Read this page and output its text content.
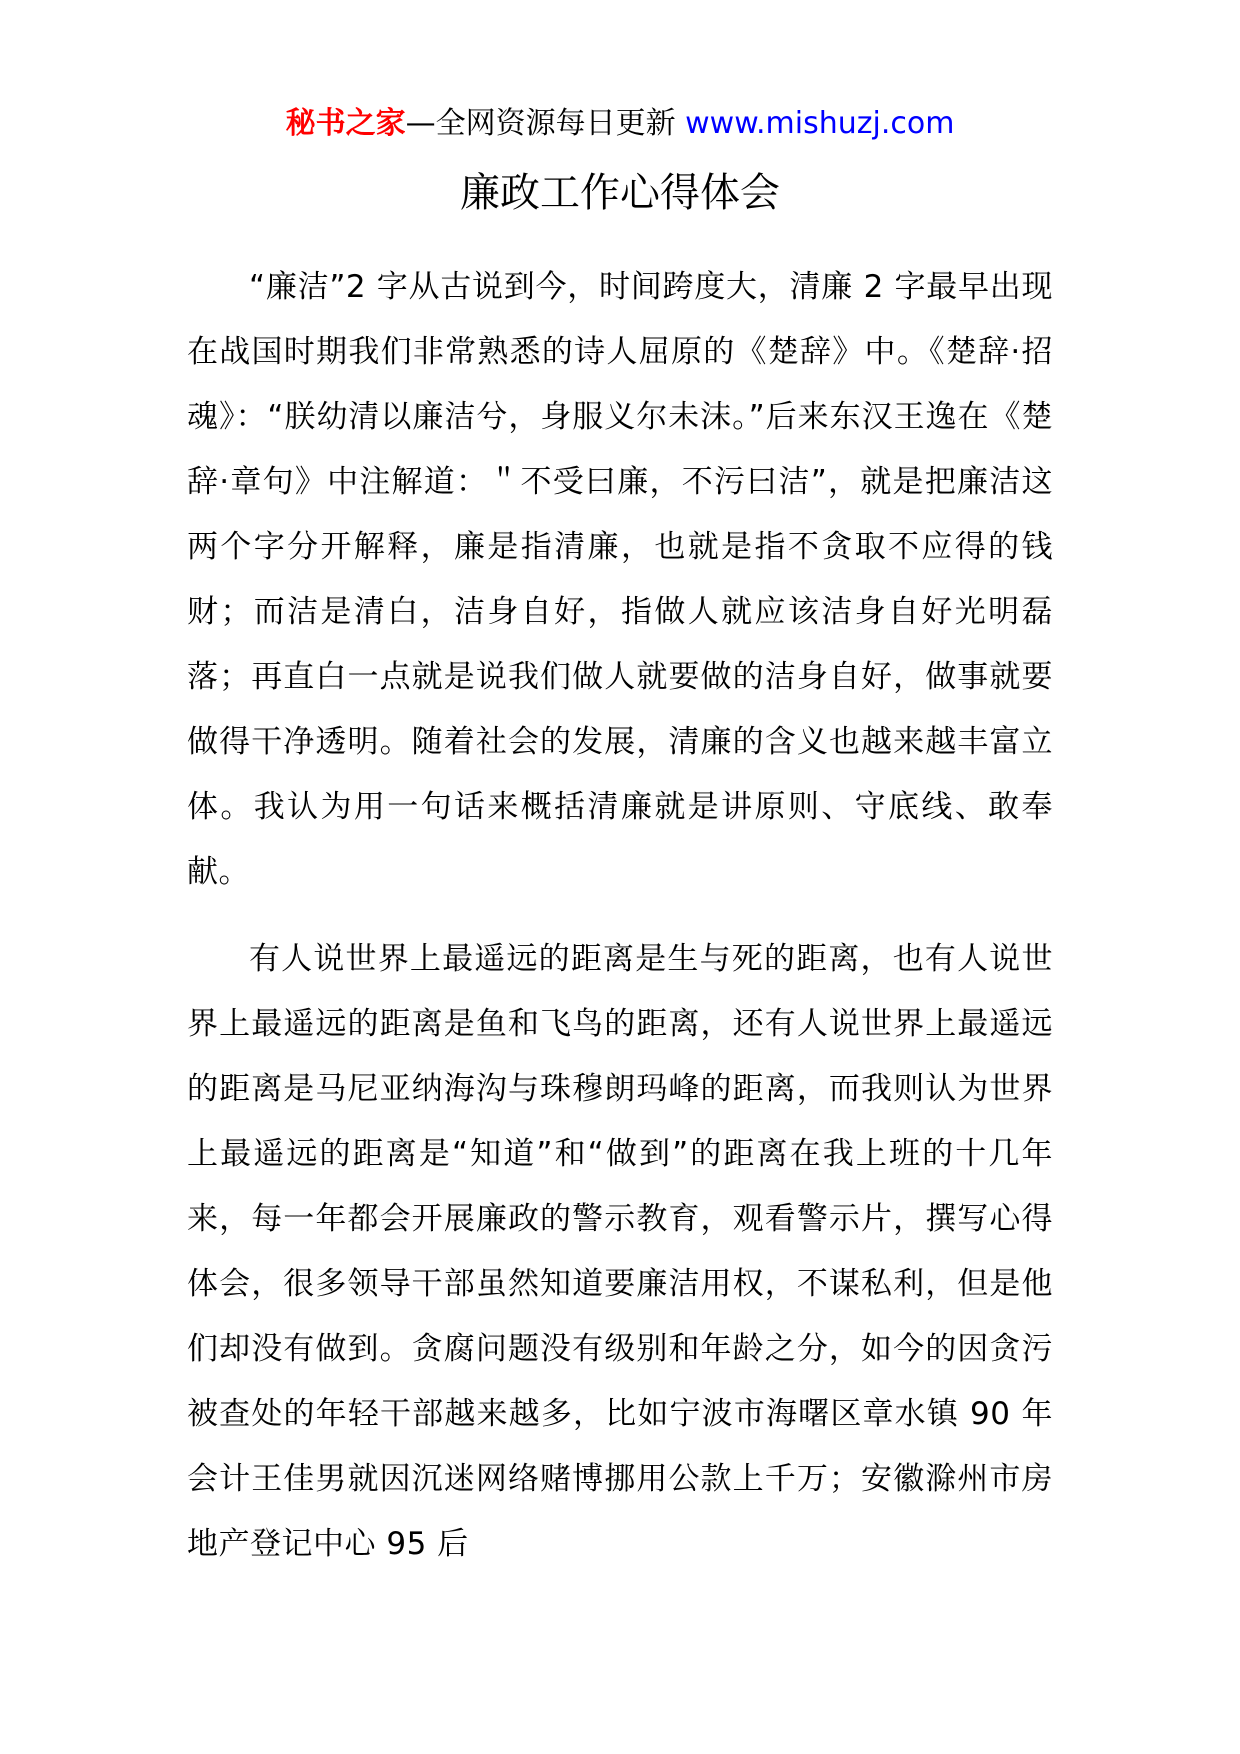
秘书之家—全网资源每日更新 www.mishuzj.com
廉政工作心得体会

“廉洁”2 字从古说到今，时间跨度大，清廉 2 字最早出现在战国时期我们非常熟悉的诗人屈原的《楚辞》中。《楚辞·招魂》：“朕幼清以廉洁兮，身服义尔未沫。”后来东汉王逸在《楚辞·章句》中注解道：＂不受曰廉，不污曰洁”，就是把廉洁这两个字分开解释，廉是指清廉，也就是指不贪取不应得的钱财；而洁是清白，洁身自好，指做人就应该洁身自好光明磊落；再直白一点就是说我们做人就要做的洁身自好，做事就要做得干净透明。随着社会的发展，清廉的含义也越来越丰富立体。我认为用一句话来概括清廉就是讲原则、守底线、敢奉献。

有人说世界上最遥远的距离是生与死的距离，也有人说世界上最遥远的距离是鱼和飞鸟的距离，还有人说世界上最遥远的距离是马尼亚纳海沟与珠穆朗玛峰的距离，而我则认为世界上最遥远的距离是“知道”和“做到”的距离在我上班的十几年来，每一年都会开展廉政的警示教育，观看警示片，撰写心得体会，很多领导干部虽然知道要廉洁用权，不谋私利，但是他们却没有做到。贪腐问题没有级别和年龄之分，如今的因贪污被查处的年轻干部越来越多，比如宁波市海曙区章水镇 90 年会计王佳男就因沉迷网络赌博挪用公款上千万；安徽滁州市房地产登记中心 95 后
